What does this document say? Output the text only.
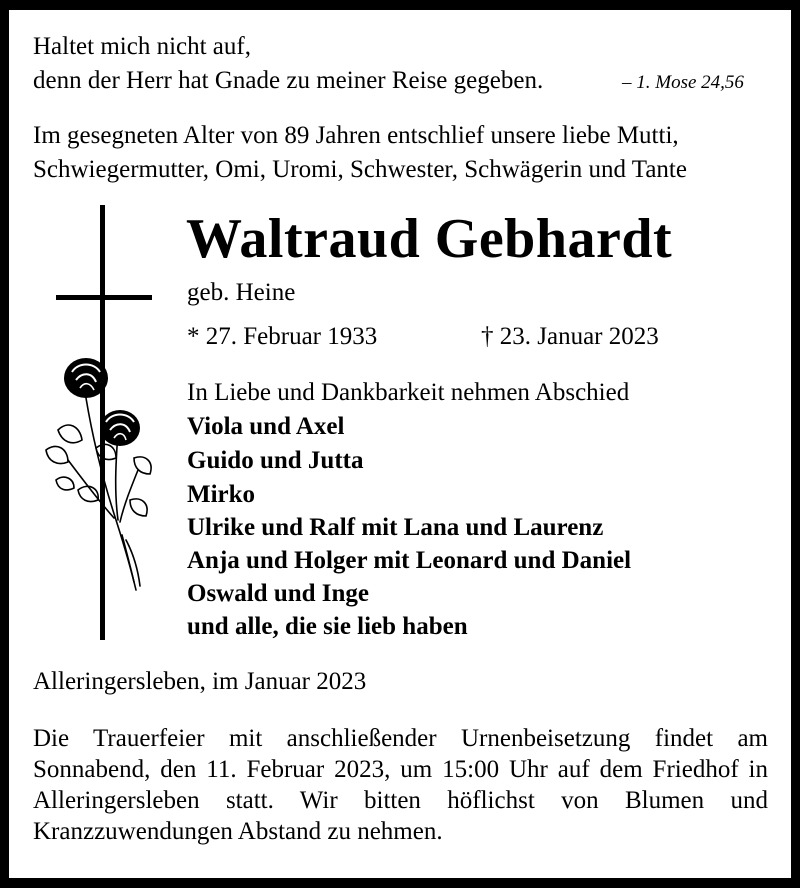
Haltet mich nicht auf,
denn der Herr hat Gnade zu meiner Reise gegeben.	– 1. Mose 24,56
Im gesegneten Alter von 89 Jahren entschlief unsere liebe Mutti,
Schwiegermutter, Omi, Uromi, Schwester, Schwägerin und Tante
Waltraud Gebhardt
geb. Heine
* 27. Februar 1933	† 23. Januar 2023
In Liebe und Dankbarkeit nehmen Abschied
Viola und Axel
Guido und Jutta
Mirko
Ulrike und Ralf mit Lana und Laurenz
Anja und Holger mit Leonard und Daniel
Oswald und Inge
und alle, die sie lieb haben
Alleringersleben, im Januar 2023
Die Trauerfeier mit anschließender Urnenbeisetzung findet am Sonnabend, den 11. Februar 2023, um 15:00 Uhr auf dem Friedhof in Alleringersleben statt. Wir bitten höflichst von Blumen und Kranzzuwendungen Abstand zu nehmen.
